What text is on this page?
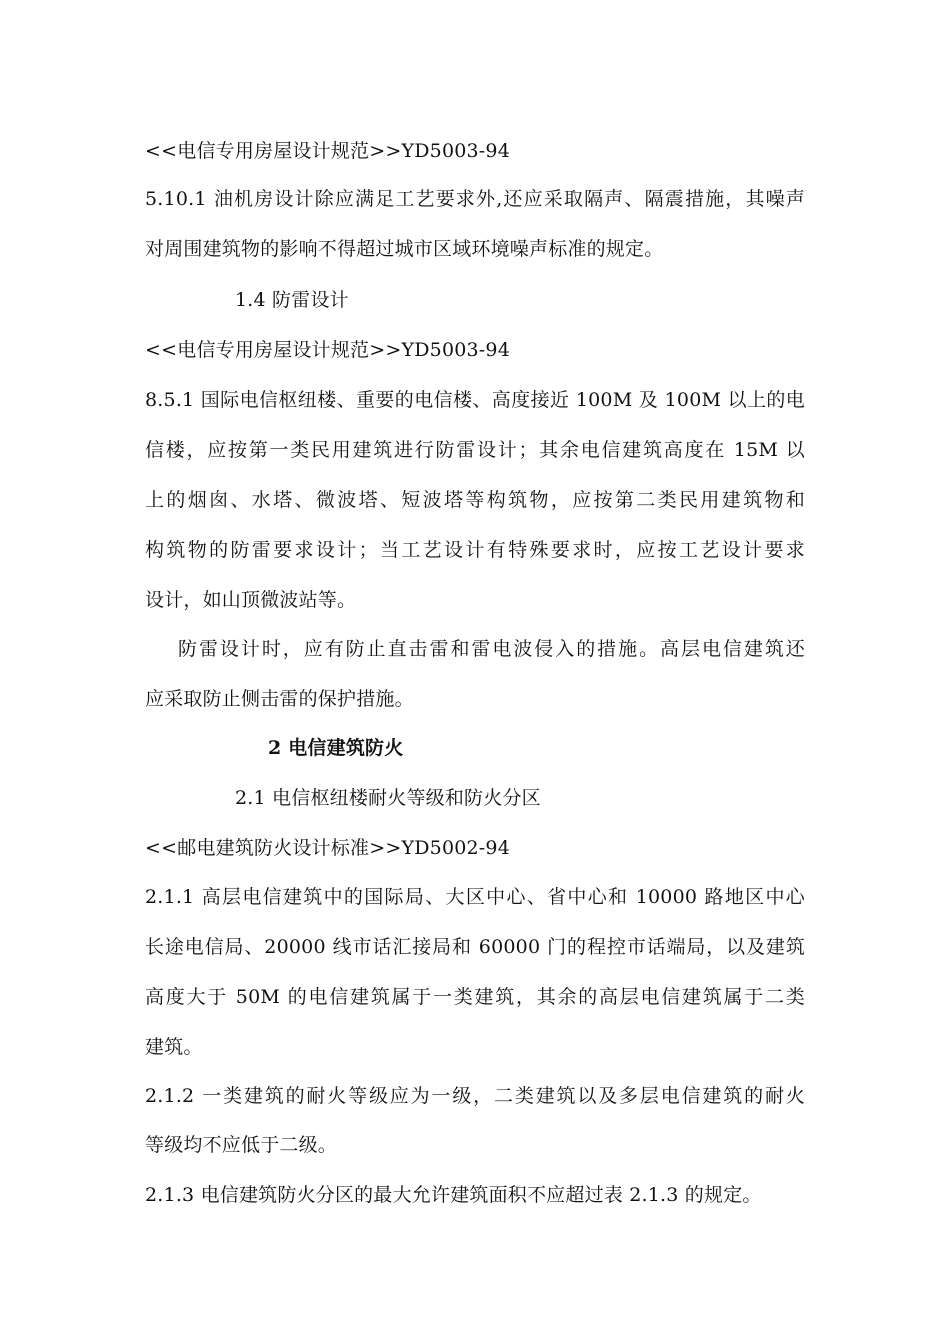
<<电信专用房屋设计规范>>YD5003-94
5.10.1 油机房设计除应满足工艺要求外,还应采取隔声、隔震措施，其噪声
对周围建筑物的影响不得超过城市区域环境噪声标准的规定。
1.4 防雷设计
<<电信专用房屋设计规范>>YD5003-94
8.5.1 国际电信枢纽楼、重要的电信楼、高度接近 100M 及 100M 以上的电
信楼，应按第一类民用建筑进行防雷设计；其余电信建筑高度在 15M 以
上的烟囱、水塔、微波塔、短波塔等构筑物，应按第二类民用建筑物和
构筑物的防雷要求设计；当工艺设计有特殊要求时，应按工艺设计要求
设计，如山顶微波站等。
防雷设计时，应有防止直击雷和雷电波侵入的措施。高层电信建筑还
应采取防止侧击雷的保护措施。
2 电信建筑防火
2.1 电信枢纽楼耐火等级和防火分区
<<邮电建筑防火设计标准>>YD5002-94
2.1.1 高层电信建筑中的国际局、大区中心、省中心和 10000 路地区中心
长途电信局、20000 线市话汇接局和 60000 门的程控市话端局，以及建筑
高度大于 50M 的电信建筑属于一类建筑，其余的高层电信建筑属于二类
建筑。
2.1.2 一类建筑的耐火等级应为一级，二类建筑以及多层电信建筑的耐火
等级均不应低于二级。
2.1.3 电信建筑防火分区的最大允许建筑面积不应超过表 2.1.3 的规定。
